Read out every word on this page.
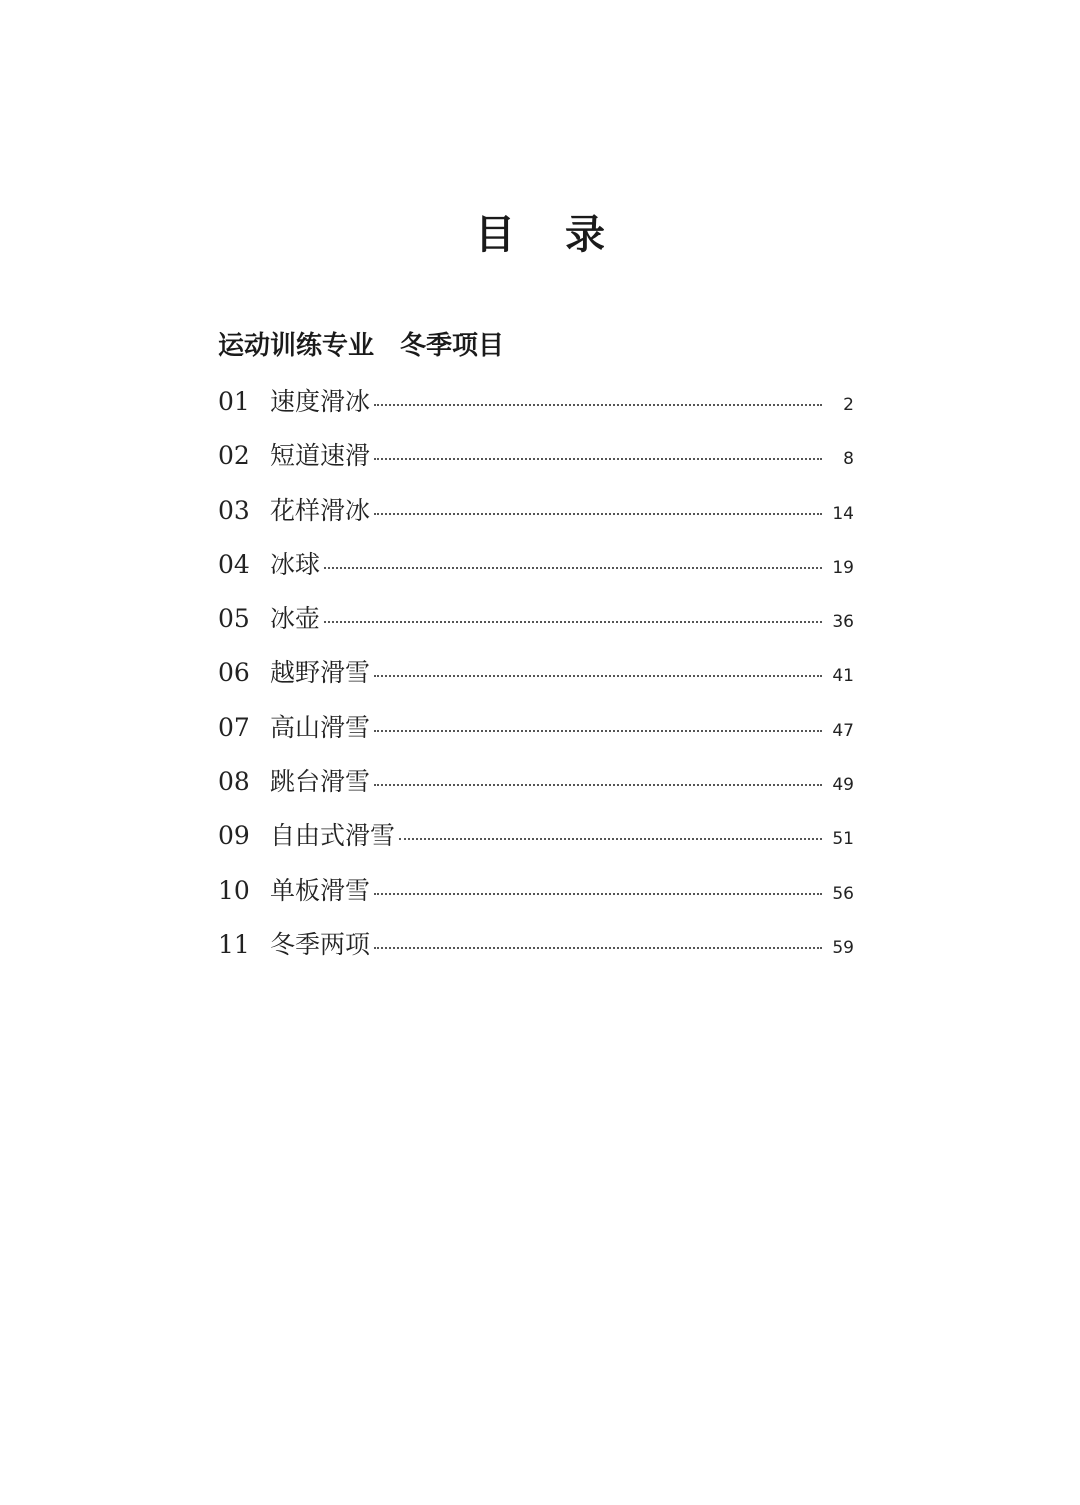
目 录
运动训练专业　冬季项目
01 速度滑冰	2
02 短道速滑	8
03 花样滑冰	14
04 冰球	19
05 冰壶	36
06 越野滑雪	41
07 高山滑雪	47
08 跳台滑雪	49
09 自由式滑雪	51
10 单板滑雪	56
11 冬季两项	59
